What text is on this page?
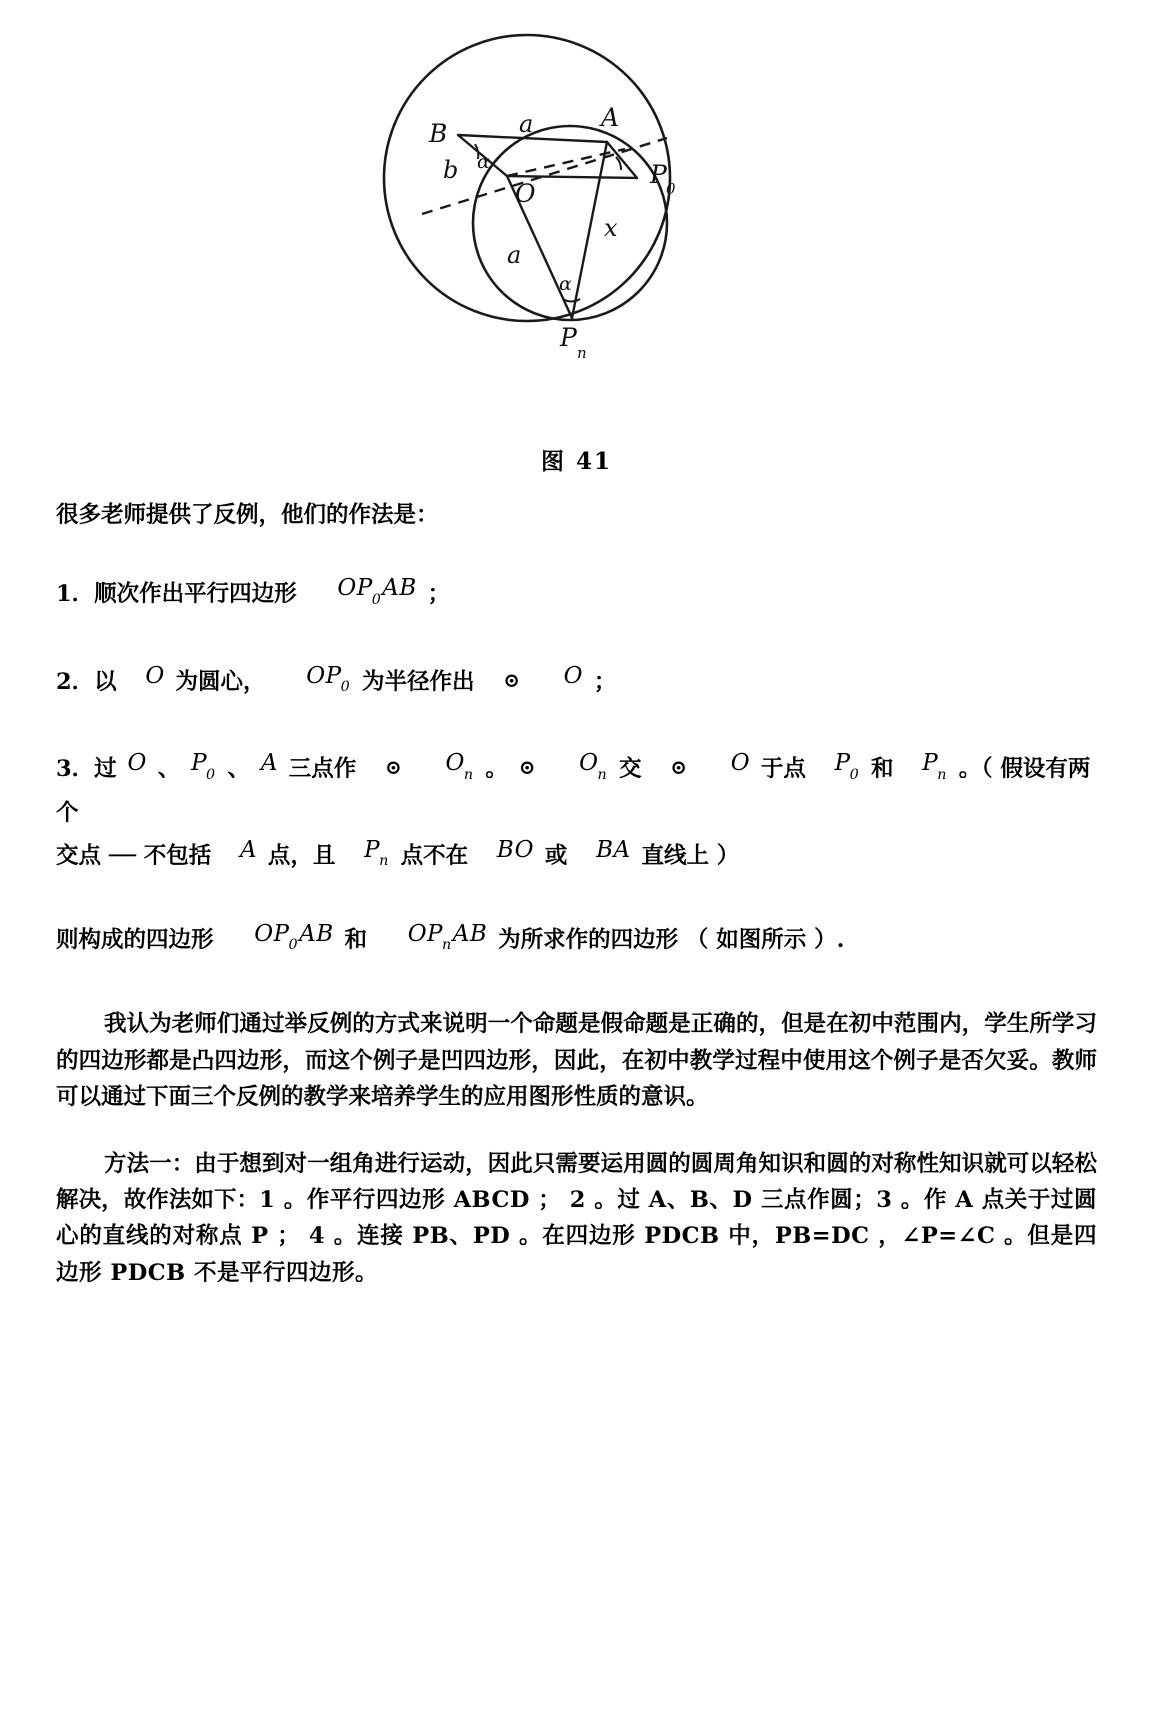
B
A
O
P 0
P
n
a
b
a
x
α
α
图 41

很多老师提供了反例，他们的作法是：

1．顺次作出平行四边形 $OP_0AB$ ；

2．以 O 为圆心， $OP_0$ 为半径作出 ⊙ O ；

3．过 O 、 $P_0$ 、 A 三点作 ⊙ $O_n$ 。 ⊙ $O_n$ 交 ⊙ O 于点 $P_0$ 和 $P_n$ 。（ 假设有两个
交点 ── 不包括 A 点，且 $P_n$ 点不在 BO 或 BA 直线上 ）

则构成的四边形 $OP_0AB$ 和 $OP_nAB$ 为所求作的四边形 （ 如图所示 ）.

我认为老师们通过举反例的方式来说明一个命题是假命题是正确的，但是在初中范围内，学生所学习的四边形都是凸四边形，而这个例子是凹四边形，因此，在初中教学过程中使用这个例子是否欠妥。教师可以通过下面三个反例的教学来培养学生的应用图形性质的意识。

方法一：由于想到对一组角进行运动，因此只需要运用圆的圆周角知识和圆的对称性知识就可以轻松解决，故作法如下：1 。作平行四边形 ABCD ； 2 。过 A、B、D 三点作圆；3 。作 A 点关于过圆心的直线的对称点 P ； 4 。连接 PB、PD 。在四边形 PDCB 中，PB=DC ，∠P=∠C 。但是四边形 PDCB 不是平行四边形。
